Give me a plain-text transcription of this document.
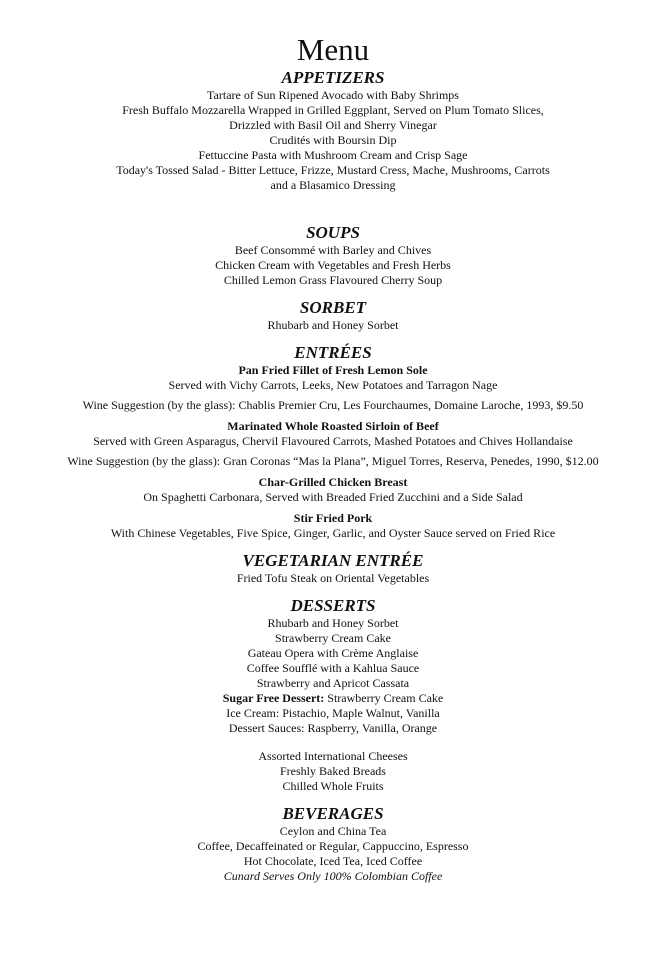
Menu
APPETIZERS

Tartare of Sun Ripened Avocado with Baby Shrimps

Fresh Buffalo Mozzarella Wrapped in Grilled Eggplant, Served on Plum Tomato Slices,

Drizzled with Basil Oil and Sherry Vinegar

Crudités with Boursin Dip

Fettuccine Pasta with Mushroom Cream and Crisp Sage

Today's Tossed Salad - Bitter Lettuce, Frizze, Mustard Cress, Mache, Mushrooms, Carrots

and a Blasamico Dressing

SOUPS

Beef Consommé with Barley and Chives

Chicken Cream with Vegetables and Fresh Herbs

Chilled Lemon Grass Flavoured Cherry Soup

SORBET

Rhubarb and Honey Sorbet

ENTRÉES

Pan Fried Fillet of Fresh Lemon Sole

Served with Vichy Carrots, Leeks, New Potatoes and Tarragon Nage

Wine Suggestion (by the glass): Chablis Premier Cru, Les Fourchaumes, Domaine Laroche, 1993, $9.50

Marinated Whole Roasted Sirloin of Beef

Served with Green Asparagus, Chervil Flavoured Carrots, Mashed Potatoes and Chives Hollandaise

Wine Suggestion (by the glass): Gran Coronas “Mas la Plana”, Miguel Torres, Reserva, Penedes, 1990, $12.00

Char-Grilled Chicken Breast

On Spaghetti Carbonara, Served with Breaded Fried Zucchini and a Side Salad

Stir Fried Pork

With Chinese Vegetables, Five Spice, Ginger, Garlic, and Oyster Sauce served on Fried Rice

VEGETARIAN ENTRÉE

Fried Tofu Steak on Oriental Vegetables

DESSERTS

Rhubarb and Honey Sorbet

Strawberry Cream Cake

Gateau Opera with Crème Anglaise

Coffee Soufflé with a Kahlua Sauce

Strawberry and Apricot Cassata

Sugar Free Dessert: Strawberry Cream Cake

Ice Cream: Pistachio, Maple Walnut, Vanilla

Dessert Sauces: Raspberry, Vanilla, Orange

Assorted International Cheeses

Freshly Baked Breads

Chilled Whole Fruits

BEVERAGES

Ceylon and China Tea

Coffee, Decaffeinated or Regular, Cappuccino, Espresso

Hot Chocolate, Iced Tea, Iced Coffee

Cunard Serves Only 100% Colombian Coffee
